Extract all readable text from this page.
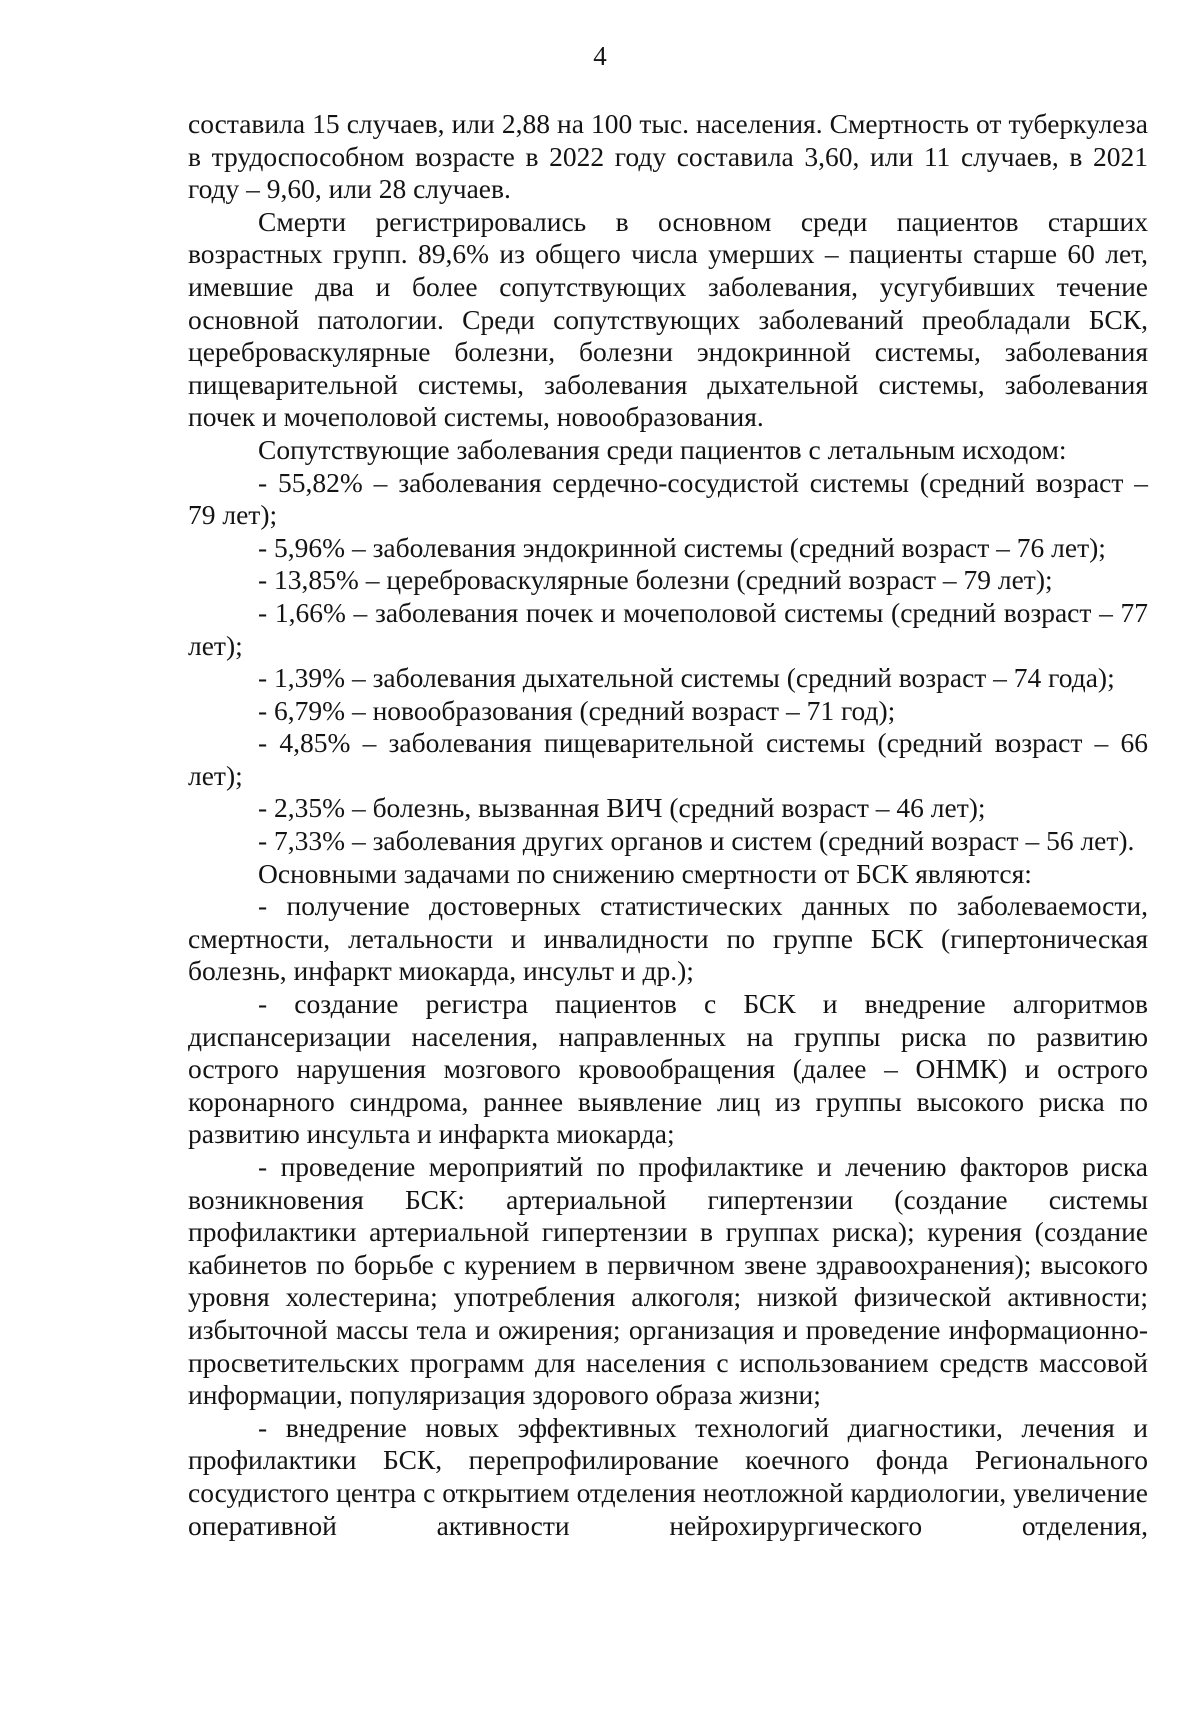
4

составила 15 случаев, или 2,88 на 100 тыс. населения. Смертность от туберкулеза в трудоспособном возрасте в 2022 году составила 3,60, или 11 случаев, в 2021 году – 9,60, или 28 случаев.

Смерти регистрировались в основном среди пациентов старших возрастных групп. 89,6% из общего числа умерших – пациенты старше 60 лет, имевшие два и более сопутствующих заболевания, усугубивших течение основной патологии. Среди сопутствующих заболеваний преобладали БСК, цереброваскулярные болезни, болезни эндокринной системы, заболевания пищеварительной системы, заболевания дыхательной системы, заболевания почек и мочеполовой системы, новообразования.

Сопутствующие заболевания среди пациентов с летальным исходом:

- 55,82% – заболевания сердечно-сосудистой системы (средний возраст – 79 лет);

- 5,96% – заболевания эндокринной системы (средний возраст – 76 лет);

- 13,85% – цереброваскулярные болезни (средний возраст – 79 лет);

- 1,66% – заболевания почек и мочеполовой системы (средний возраст – 77 лет);

- 1,39% – заболевания дыхательной системы (средний возраст – 74 года);

- 6,79% – новообразования (средний возраст – 71 год);

- 4,85% – заболевания пищеварительной системы (средний возраст – 66 лет);

- 2,35% – болезнь, вызванная ВИЧ (средний возраст – 46 лет);

- 7,33% – заболевания других органов и систем (средний возраст – 56 лет).

Основными задачами по снижению смертности от БСК являются:

- получение достоверных статистических данных по заболеваемости, смертности, летальности и инвалидности по группе БСК (гипертоническая болезнь, инфаркт миокарда, инсульт и др.);

- создание регистра пациентов с БСК и внедрение алгоритмов диспансеризации населения, направленных на группы риска по развитию острого нарушения мозгового кровообращения (далее – ОНМК) и острого коронарного синдрома, раннее выявление лиц из группы высокого риска по развитию инсульта и инфаркта миокарда;

- проведение мероприятий по профилактике и лечению факторов риска возникновения БСК: артериальной гипертензии (создание системы профилактики артериальной гипертензии в группах риска); курения (создание кабинетов по борьбе с курением в первичном звене здравоохранения); высокого уровня холестерина; употребления алкоголя; низкой физической активности; избыточной массы тела и ожирения; организация и проведение информационно-просветительских программ для населения с использованием средств массовой информации, популяризация здорового образа жизни;

- внедрение новых эффективных технологий диагностики, лечения и профилактики БСК, перепрофилирование коечного фонда Регионального сосудистого центра с открытием отделения неотложной кардиологии, увеличение оперативной активности нейрохирургического отделения,
